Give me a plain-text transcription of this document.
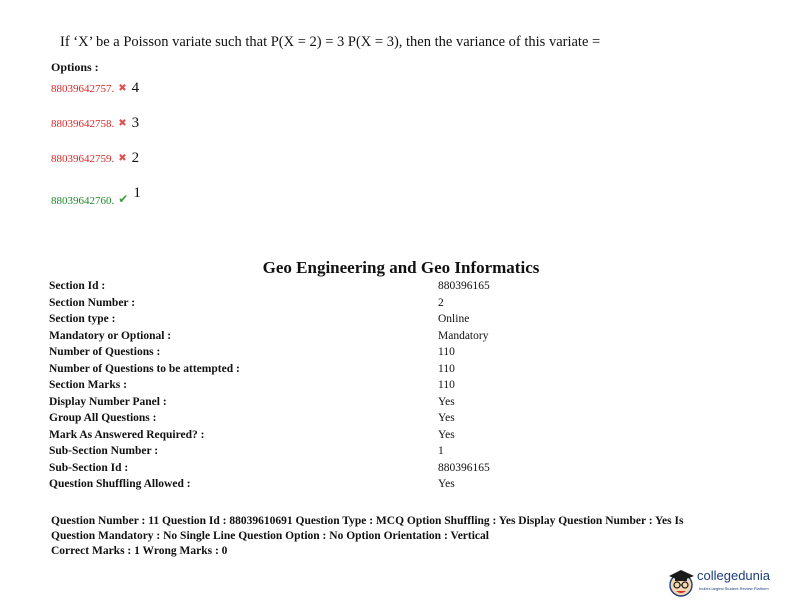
If ‘X’ be a Poisson variate such that P(X = 2) = 3 P(X = 3), then the variance of this variate =
Options :
88039642757. ✖ 4
88039642758. ✖ 3
88039642759. ✖ 2
88039642760. ✔ 1
Geo Engineering and Geo Informatics
Section Id :	880396165
Section Number :	2
Section type :	Online
Mandatory or Optional :	Mandatory
Number of Questions :	110
Number of Questions to be attempted :	110
Section Marks :	110
Display Number Panel :	Yes
Group All Questions :	Yes
Mark As Answered Required? :	Yes
Sub-Section Number :	1
Sub-Section Id :	880396165
Question Shuffling Allowed :	Yes
Question Number : 11 Question Id : 88039610691 Question Type : MCQ Option Shuffling : Yes Display Question Number : Yes Is
Question Mandatory : No Single Line Question Option : No Option Orientation : Vertical
Correct Marks : 1 Wrong Marks : 0
collegedunia
India's largest Student Review Platform
